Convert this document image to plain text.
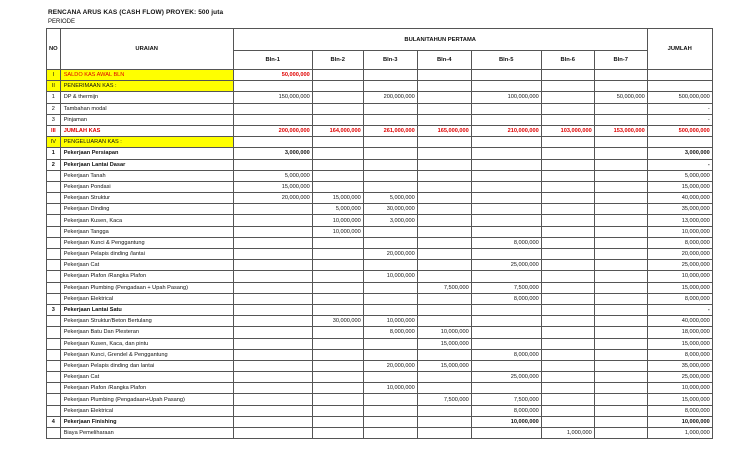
RENCANA ARUS KAS (CASH FLOW) PROYEK: 500 juta
PERIODE
NO	URAIAN	BULAN/TAHUN PERTAMA							JUMLAH
		Bln-1	Bln-2	Bln-3	Bln-4	Bln-5	Bln-6	Bln-7	
I	SALDO KAS AWAL BLN	50,000,000							
II	PENERIMAAN KAS :								
1	DP & thermijn	150,000,000		200,000,000		100,000,000		50,000,000	500,000,000
2	Tambahan modal								-
3	Pinjaman								-
III	JUMLAH KAS	200,000,000	164,000,000	261,000,000	165,000,000	210,000,000	103,000,000	153,000,000	500,000,000
IV	PENGELUARAN KAS :								
1	Pekerjaan Persiapan	3,000,000							3,000,000
2	Pekerjaan Lantai Dasar								-
	Pekerjaan Tanah	5,000,000							5,000,000
	Pekerjaan Pondasi	15,000,000							15,000,000
	Pekerjaan Struktur	20,000,000	15,000,000	5,000,000					40,000,000
	Pekerjaan Dinding		5,000,000	30,000,000					35,000,000
	Pekerjaan Kusen, Kaca		10,000,000	3,000,000					13,000,000
	Pekerjaan Tangga		10,000,000						10,000,000
	Pekerjaan Kunci & Penggantung					8,000,000			8,000,000
	Pekerjaan Pelapis dinding /lantai			20,000,000					20,000,000
	Pekerjaan Cat					25,000,000			25,000,000
	Pekerjaan Plafon /Rangka Plafon			10,000,000					10,000,000
	Pekerjaan Plumbing (Pengadaan + Upah Pasang)				7,500,000	7,500,000			15,000,000
	Pekerjaan Elektrical					8,000,000			8,000,000
3	Pekerjaan Lantai Satu								-
	Pekerjaan Struktur/Beton Bertulang		30,000,000	10,000,000					40,000,000
	Pekerjaan Batu Dan Plesteran			8,000,000	10,000,000				18,000,000
	Pekerjaan Kusen, Kaca, dan pintu				15,000,000				15,000,000
	Pekerjaan Kunci, Grendel & Penggantung					8,000,000			8,000,000
	Pekerjaan Pelapis dinding dan lantai			20,000,000	15,000,000				35,000,000
	Pekerjaan Cat					25,000,000			25,000,000
	Pekerjaan Plafon /Rangka Plafon			10,000,000					10,000,000
	Pekerjaan Plumbing (Pengadaan+Upah Pasang)				7,500,000	7,500,000			15,000,000
	Pekerjaan Elektrical					8,000,000			8,000,000
4	Pekerjaan Finishing					10,000,000			10,000,000
	Biaya Pemeliharaan						1,000,000		1,000,000
